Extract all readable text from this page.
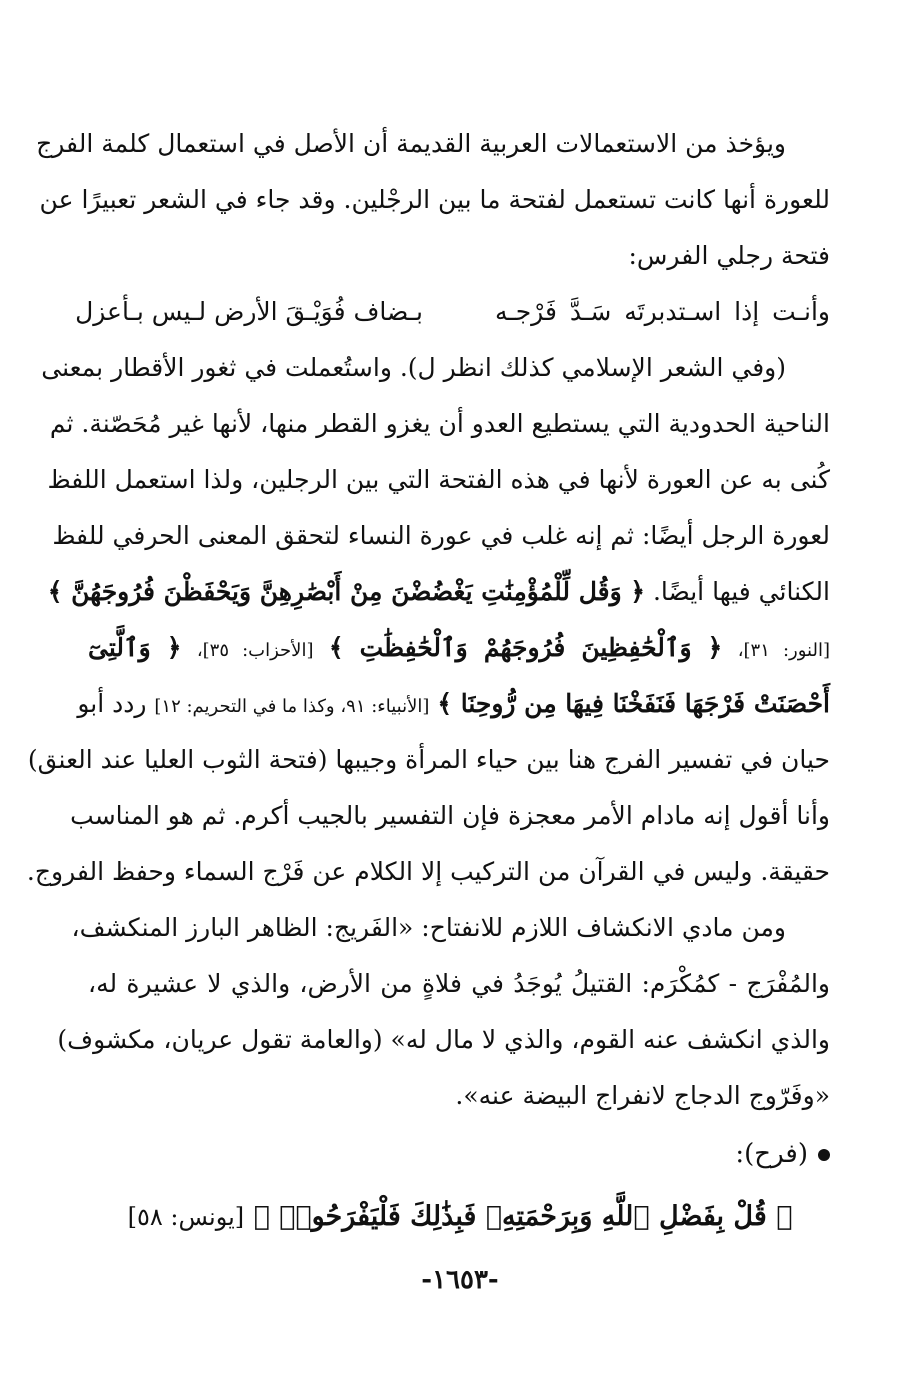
ويؤخذ من الاستعمالات العربية القديمة أن الأصل في استعمال كلمة الفرج
للعورة أنها كانت تستعمل لفتحة ما بين الرجْلين. وقد جاء في الشعر تعبيرًا عن
فتحة رجلي الفرس:
وأنـت إذا اسـتدبرتَه سَـدَّ فَرْجـه
بـضاف فُوَيْـقَ الأرض لـيس بـأعزل
(وفي الشعر الإسلامي كذلك انظر ل). واستُعملت في ثغور الأقطار بمعنى
الناحية الحدودية التي يستطيع العدو أن يغزو القطر منها، لأنها غير مُحَصّنة. ثم
كُنى به عن العورة لأنها في هذه الفتحة التي بين الرجلين، ولذا استعمل اللفظ
لعورة الرجل أيضًا: ثم إنه غلب في عورة النساء لتحقق المعنى الحرفي للفظ
الكنائي فيها أيضًا. ﴿ وَقُل لِّلْمُؤْمِنَٰتِ يَغْضُضْنَ مِنْ أَبْصَٰرِهِنَّ وَيَحْفَظْنَ فُرُوجَهُنَّ ﴾
[النور: ٣١]، ﴿ وَٱلْحَٰفِظِينَ فُرُوجَهُمْ وَٱلْحَٰفِظَٰتِ ﴾ [الأحزاب: ٣٥]، ﴿ وَٱلَّتِىٓ
أَحْصَنَتْ فَرْجَهَا فَنَفَخْنَا فِيهَا مِن رُّوحِنَا ﴾ [الأنبياء: ٩١، وكذا ما في التحريم: ١٢] ردد أبو
حيان في تفسير الفرج هنا بين حياء المرأة وجيبها (فتحة الثوب العليا عند العنق)
وأنا أقول إنه مادام الأمر معجزة فإن التفسير بالجيب أكرم. ثم هو المناسب
حقيقة. وليس في القرآن من التركيب إلا الكلام عن فَرْج السماء وحفظ الفروج.
ومن مادي الانكشاف اللازم للانفتاح: «الفَريج: الظاهر البارز المنكشف،
والمُفْرَج - كمُكْرَم: القتيلُ يُوجَدُ في فلاةٍ من الأرض، والذي لا عشيرة له،
والذي انكشف عنه القوم، والذي لا مال له» (والعامة تقول عريان، مكشوف)
«وفَرّوج الدجاج لانفراج البيضة عنه».
(فرح):
﴿ قُلْ بِفَضْلِ ٱللَّهِ وَبِرَحْمَتِهِۦ فَبِذَٰلِكَ فَلْيَفْرَحُوا۟ ﴾ [يونس: ٥٨]
-١٦٥٣-
